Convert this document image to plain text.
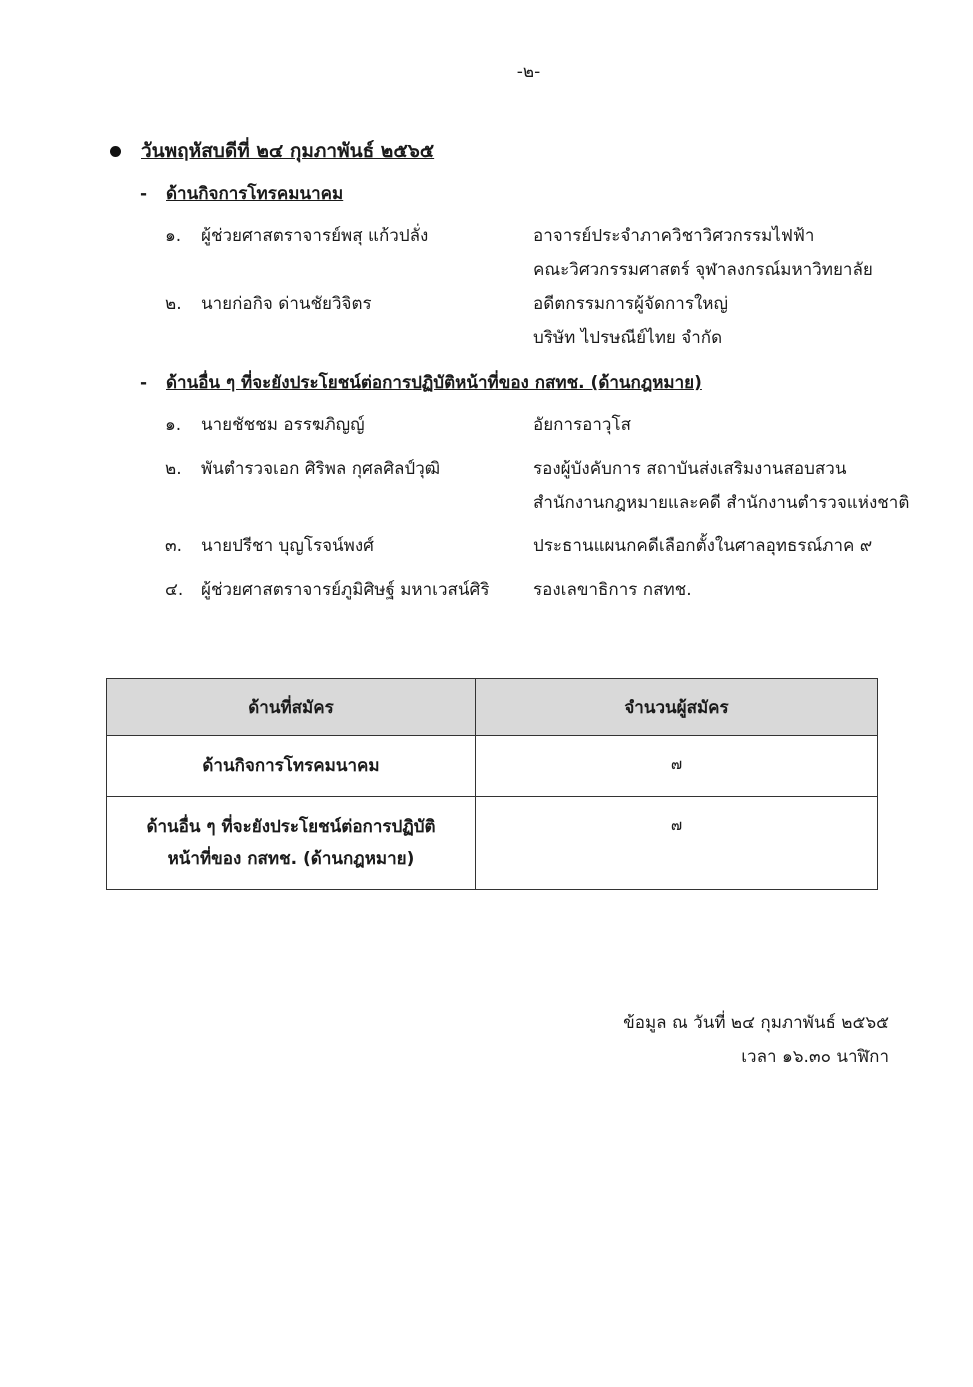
-๒-
วันพฤหัสบดีที่ ๒๔ กุมภาพันธ์ ๒๕๖๕
-	ด้านกิจการโทรคมนาคม
๑. ผู้ช่วยศาสตราจารย์พสุ แก้วปลั่ง	อาจารย์ประจำภาควิชาวิศวกรรมไฟฟ้า
คณะวิศวกรรมศาสตร์ จุฬาลงกรณ์มหาวิทยาลัย
๒. นายก่อกิจ ด่านชัยวิจิตร	อดีตกรรมการผู้จัดการใหญ่
บริษัท ไปรษณีย์ไทย จำกัด
-	ด้านอื่น ๆ ที่จะยังประโยชน์ต่อการปฏิบัติหน้าที่ของ กสทช. (ด้านกฎหมาย)
๑. นายชัชชม อรรฆภิญญ์	อัยการอาวุโส
๒. พันตำรวจเอก ศิริพล กุศลศิลป์วุฒิ	รองผู้บังคับการ สถาบันส่งเสริมงานสอบสวน
สำนักงานกฎหมายและคดี สำนักงานตำรวจแห่งชาติ
๓. นายปรีชา บุญโรจน์พงศ์	ประธานแผนกคดีเลือกตั้งในศาลอุทธรณ์ภาค ๙
๔. ผู้ช่วยศาสตราจารย์ภูมิศิษฐ์ มหาเวสน์ศิริ	รองเลขาธิการ กสทช.
ด้านที่สมัคร	จำนวนผู้สมัคร
ด้านกิจการโทรคมนาคม	๗

ด้านอื่น ๆ ที่จะยังประโยชน์ต่อการปฏิบัติ
หน้าที่ของ กสทช. (ด้านกฎหมาย)	๗
ข้อมูล ณ วันที่ ๒๔ กุมภาพันธ์ ๒๕๖๕
เวลา ๑๖.๓๐ นาฬิกา
